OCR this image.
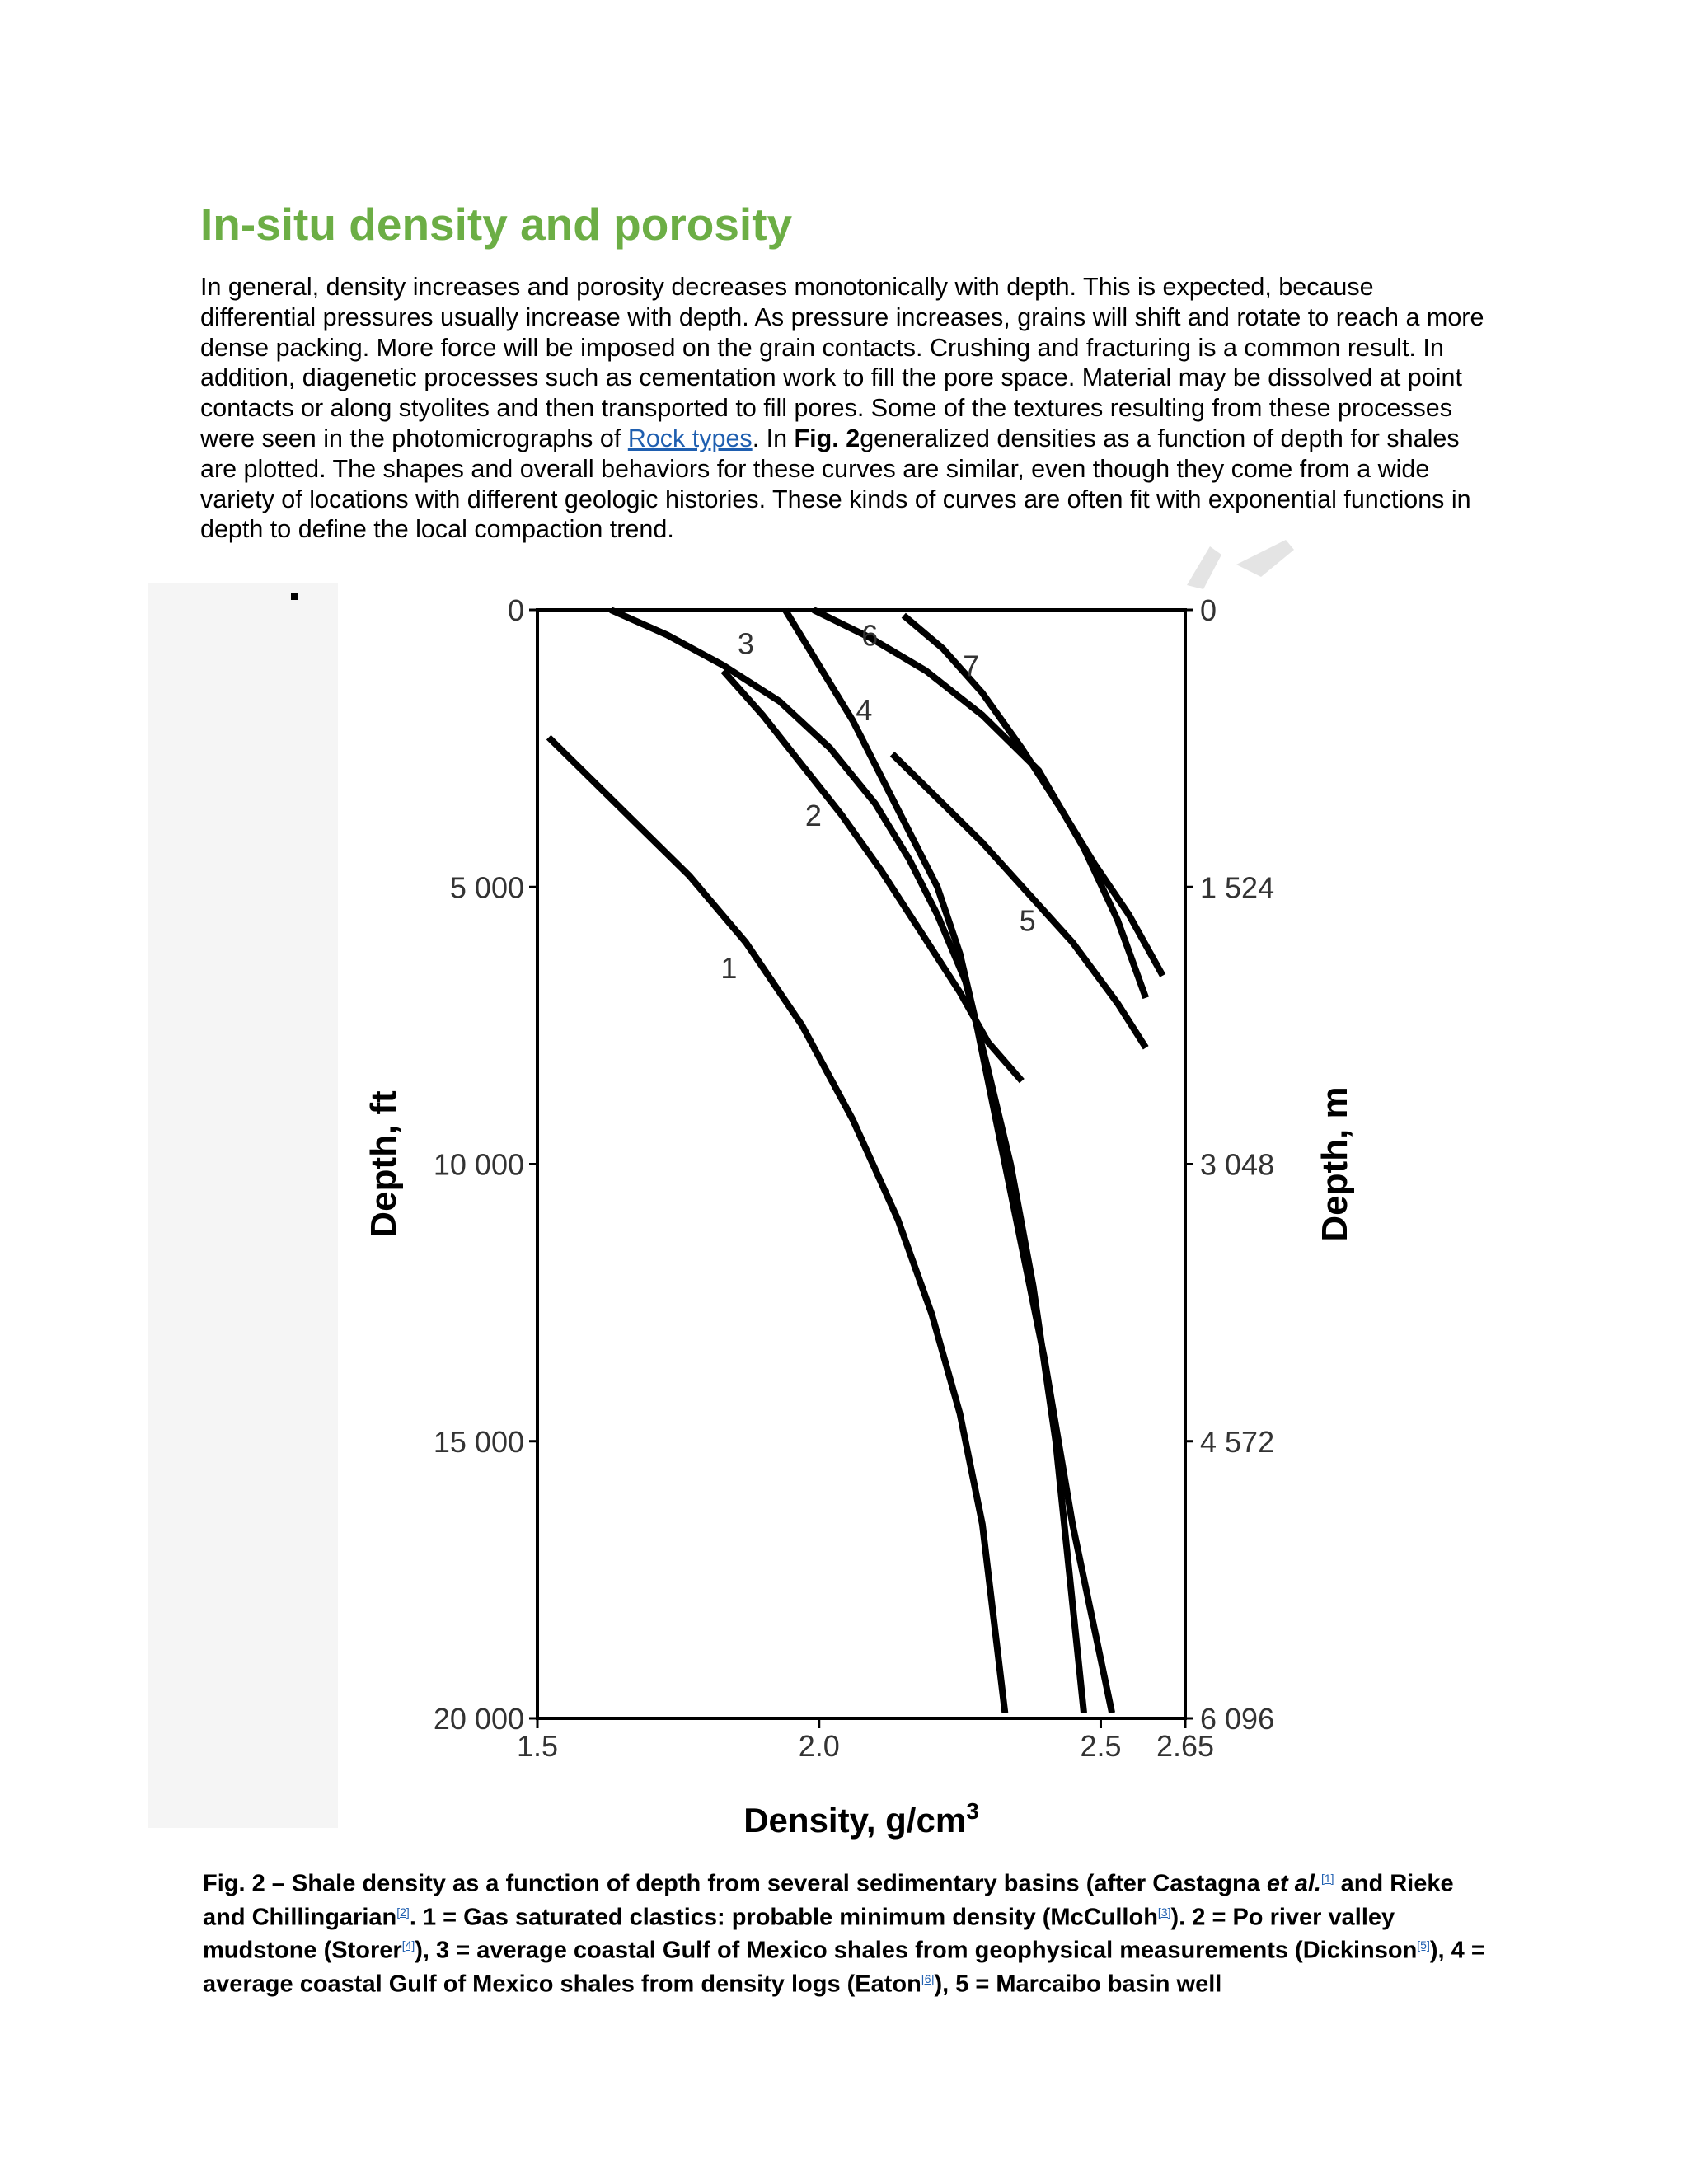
In-situ density and porosity

In general, density increases and porosity decreases monotonically with depth. This is expected, because differential pressures usually increase with depth. As pressure increases, grains will shift and rotate to reach a more dense packing. More force will be imposed on the grain contacts. Crushing and fracturing is a common result. In addition, diagenetic processes such as cementation work to fill the pore space. Material may be dissolved at point contacts or along styolites and then transported to fill pores. Some of the textures resulting from these processes were seen in the photomicrographs of Rock types. In Fig. 2generalized densities as a function of depth for shales are plotted. The shapes and overall behaviors for these curves are similar, even though they come from a wide variety of locations with different geologic histories. These kinds of curves are often fit with exponential functions in depth to define the local compaction trend.

1.5	2.0	2.5 2.65
0
5 000
10 000
15 000
20 000
0
1 524
3 048
4 572
6 096
Density, $g/cm^3$
Depth, ft	Depth, m
1
2
3
4
5
6
7

Fig. 2 – Shale density as a function of depth from several sedimentary basins (after Castagna et al.[1] and Rieke and Chillingarian[2]. 1 = Gas saturated clastics: probable minimum density (McCulloh[3]). 2 = Po river valley mudstone (Storer[4]), 3 = average coastal Gulf of Mexico shales from geophysical measurements (Dickinson[5]), 4 = average coastal Gulf of Mexico shales from density logs (Eaton[6]), 5 = Marcaibo basin well
